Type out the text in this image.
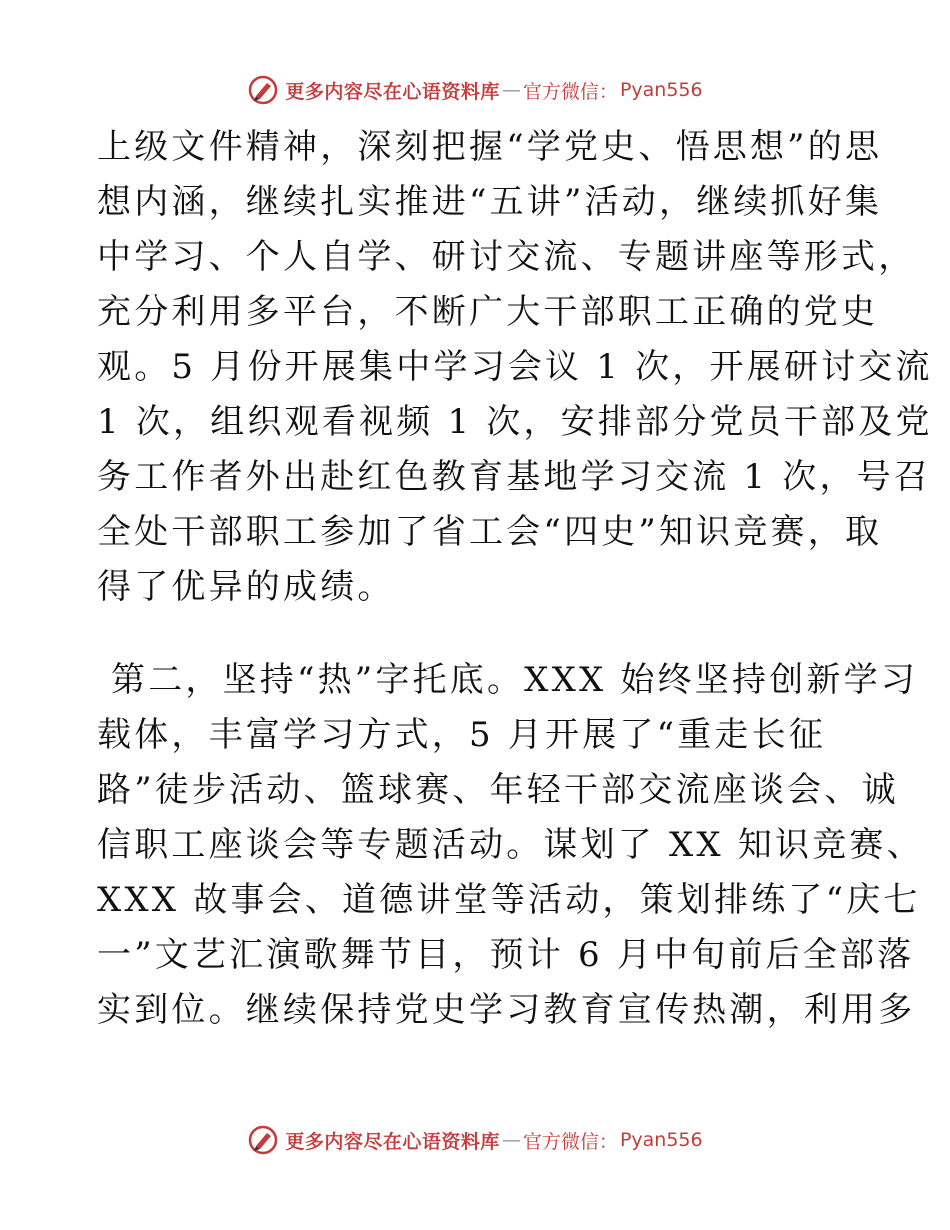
更多内容尽在心语资料库 — 官方微信： Pyan556
上级文件精神，深刻把握“学党史、悟思想”的思
想内涵，继续扎实推进“五讲”活动，继续抓好集
中学习、个人自学、研讨交流、专题讲座等形式，
充分利用多平台，不断广大干部职工正确的党史
观。5 月份开展集中学习会议 1 次，开展研讨交流
1 次，组织观看视频 1 次，安排部分党员干部及党
务工作者外出赴红色教育基地学习交流 1 次，号召
全处干部职工参加了省工会“四史”知识竞赛，取
得了优异的成绩。
第二，坚持“热”字托底。XXX 始终坚持创新学习
载体，丰富学习方式，5 月开展了“重走长征
路”徒步活动、篮球赛、年轻干部交流座谈会、诚
信职工座谈会等专题活动。谋划了 XX 知识竞赛、
XXX 故事会、道德讲堂等活动，策划排练了“庆七
一”文艺汇演歌舞节目，预计 6 月中旬前后全部落
实到位。继续保持党史学习教育宣传热潮，利用多
更多内容尽在心语资料库 — 官方微信： Pyan556
